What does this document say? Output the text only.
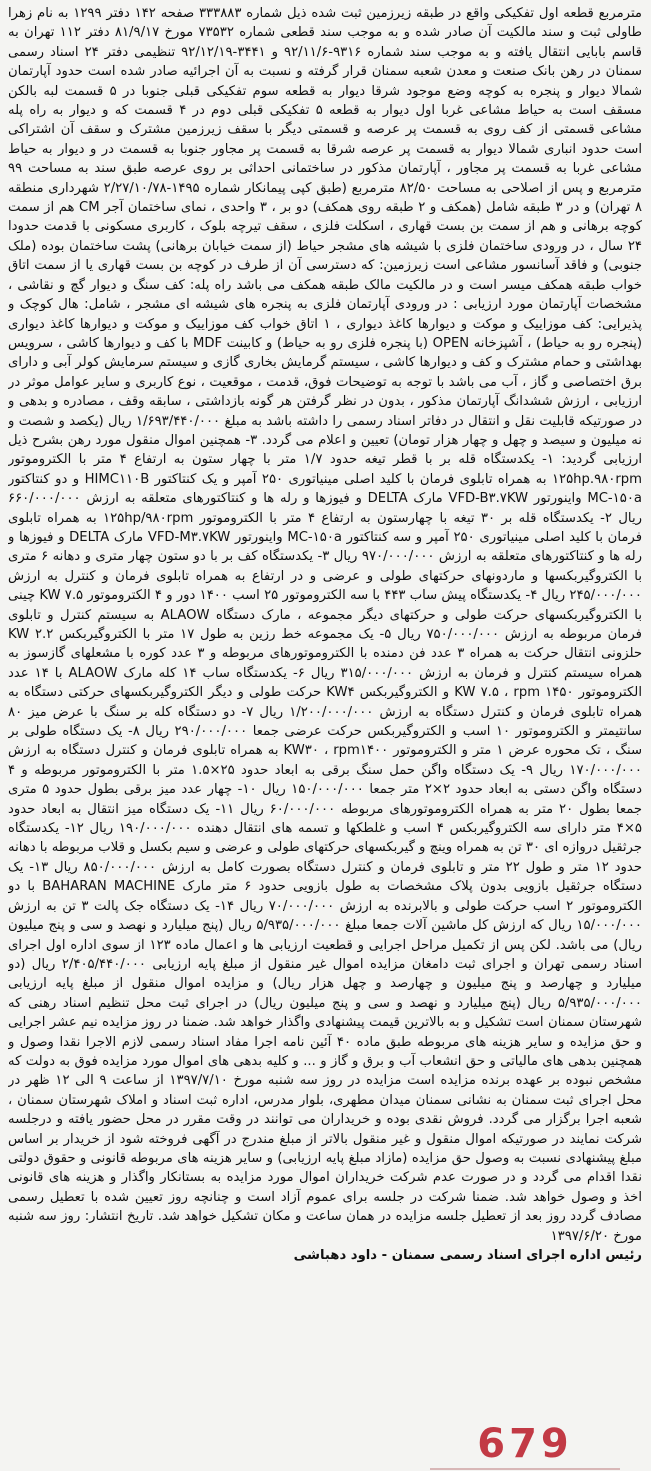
مترمربع قطعه اول تفکیکی واقع در طبقه زیرزمین ثبت شده ذیل شماره ۳۳۳۸۸۳ صفحه ۱۴۲ دفتر ۱۲۹۹ به نام زهرا طاولی ثبت و سند مالکیت آن صادر شده و به موجب سند قطعی شماره ۷۳۵۳۲ مورخ ۸۱/۹/۱۷ دفتر ۱۱۲ تهران به قاسم بابایی انتقال یافته و به موجب سند شماره ۹۳۱۶-۹۲/۱۱/۶ و ۳۴۴۱-۹۲/۱۲/۱۹ تنظیمی دفتر ۲۴ اسناد رسمی سمنان در رهن بانک صنعت و معدن شعبه سمنان قرار گرفته و نسبت به آن اجرائیه صادر شده است حدود آپارتمان شمالا دیوار و پنجره به کوچه وضع موجود شرقا دیوار به قطعه سوم تفکیکی قبلی جنوبا در ۵ قسمت لبه بالکن مسقف است به حیاط مشاعی غربا اول دیوار به قطعه ۵ تفکیکی قبلی دوم در ۴ قسمت که و دیوار به راه پله مشاعی قسمتی از کف روی به قسمت پر عرصه و قسمتی دیگر با سقف زیرزمین مشترک و سقف آن اشتراکی است حدود انباری شمالا دیوار به قسمت پر عرصه شرقا به قسمت پر مجاور جنوبا به قسمت در و دیوار به حیاط مشاعی غربا به قسمت پر مجاور ، آپارتمان مذکور در ساختمانی احداثی بر روی عرصه طبق سند به مساحت ۹۹ مترمربع و پس از اصلاحی به مساحت ۸۲/۵۰ مترمربع (طبق کپی پیمانکار شماره ۱۴۹۵-۲/۲۷/۱۰/۷۸ شهرداری منطقه ۸ تهران) و در ۳ طبقه شامل (همکف و ۲ طبقه روی همکف) دو بر ، ۳ واحدی ، نمای ساختمان آجر CM هم از سمت کوچه برهانی و هم از سمت بن بست قهاری ، اسکلت فلزی ، سقف تیرچه بلوک ، کاربری مسکونی با قدمت حدودا ۲۴ سال ، در ورودی ساختمان فلزی با شیشه های مشجر حیاط (از سمت خیابان برهانی) پشت ساختمان بوده (ملک جنوبی) و فاقد آسانسور مشاعی است زیرزمین: که دسترسی آن از طرف در کوچه بن بست قهاری یا از سمت اتاق خواب طبقه همکف میسر است و در مالکیت مالک طبقه همکف می باشد راه پله: کف سنگ و دیوار گچ و نقاشی ، مشخصات آپارتمان مورد ارزیابی : در ورودی آپارتمان فلزی به پنجره های شیشه ای مشجر ، شامل: هال کوچک و پذیرایی: کف موزاییک و موکت و دیوارها کاغذ دیواری ، ۱ اتاق خواب کف موزاییک و موکت و دیوارها کاغذ دیواری (پنجره رو به حیاط) ، آشپزخانه OPEN (با پنجره فلزی رو به حیاط) و کابینت MDF با کف و دیوارها کاشی ، سرویس بهداشتی و حمام مشترک و کف و دیوارها کاشی ، سیستم گرمایش بخاری گازی و سیستم سرمایش کولر آبی و دارای برق اختصاصی و گاز ، آب می باشد با توجه به توضیحات فوق، قدمت ، موقعیت ، نوع کاربری و سایر عوامل موثر در ارزیابی ، ارزش ششدانگ آپارتمان مذکور ، بدون در نظر گرفتن هر گونه بازداشتی ، سابقه وقف ، مصادره و بدهی و در صورتیکه قابلیت نقل و انتقال در دفاتر اسناد رسمی را داشته باشد به مبلغ ۱/۶۹۳/۴۴۰/۰۰۰ ریال (یکصد و شصت و نه میلیون و سیصد و چهل و چهار هزار تومان) تعیین و اعلام می گردد. ۳- همچنین اموال منقول مورد رهن بشرح ذیل ارزیابی گردید: ۱- یکدستگاه قله بر با قطر تیغه حدود ۱/۷ متر با چهار ستون به ارتفاع ۴ متر با الکتروموتور ۱۲۵hp.۹۸۰rpm به همراه تابلوی فرمان با کلید اصلی مینیاتوری ۲۵۰ آمپر و یک کنتاکتور HIMC۱۱۰B و دو کنتاکتور MC-۱۵۰a واینورتور VFD-B۳.۷KW مارک DELTA و فیوزها و رله ها و کنتاکتورهای متعلقه به ارزش ۶۶۰/۰۰۰/۰۰۰ ریال ۲- یکدستگاه قله بر ۳۰ تیغه با چهارستون به ارتفاع ۴ متر با الکتروموتور ۱۲۵hp/۹۸۰rpm به همراه تابلوی فرمان با کلید اصلی مینیاتوری ۲۵۰ آمپر و سه کنتاکتور MC-۱۵۰a واینورتور VFD-M۳.۷KW مارک DELTA و فیوزها و رله ها و کنتاکتورهای متعلقه به ارزش ۹۷۰/۰۰۰/۰۰۰ ریال ۳- یکدستگاه کف بر با دو ستون چهار متری و دهانه ۶ متری با الکتروگیربکسها و ماردونهای حرکتهای طولی و عرضی و در ارتفاع به همراه تابلوی فرمان و کنترل به ارزش ۲۴۵/۰۰۰/۰۰۰ ریال ۴- یکدستگاه پیش ساب ۴۴۳ با سه الکتروموتور ۲۵ اسب ۱۴۰۰ دور و ۴ الکتروموتور KW ۷.۵ چینی با الکتروگیربکسهای حرکت طولی و حرکتهای دیگر مجموعه ، مارک دستگاه ALAOW به سیستم کنترل و تابلوی فرمان مربوطه به ارزش ۷۵۰/۰۰۰/۰۰۰ ریال ۵- یک مجموعه خط رزین به طول ۱۷ متر با الکتروگیربکس KW ۲.۲ حلزونی انتقال حرکت به همراه ۳ عدد فن دمنده با الکتروموتورهای مربوطه و ۳ عدد کوره با مشعلهای گازسوز به همراه سیستم کنترل و فرمان به ارزش ۳۱۵/۰۰۰/۰۰۰ ریال ۶- یکدستگاه ساب ۱۴ کله مارک ALAOW با ۱۴ عدد الکتروموتور KW ۷.۵ ، rpm ۱۴۵۰ و الکتروگیربکس KW۴ حرکت طولی و دیگر الکتروگیربکسهای حرکتی دستگاه به همراه تابلوی فرمان و کنترل دستگاه به ارزش ۱/۲۰۰/۰۰۰/۰۰۰ ریال ۷- دو دستگاه کله بر سنگ با عرض میز ۸۰ سانتیمتر و الکتروموتور ۱۰ اسب و الکتروگیربکس حرکت عرضی جمعا ۲۹۰/۰۰۰/۰۰۰ ریال ۸- یک دستگاه طولی بر سنگ ، تک محوره عرض ۱ متر و الکتروموتور KW۳۰ ، rpm۱۴۰۰ به همراه تابلوی فرمان و کنترل دستگاه به ارزش ۱۷۰/۰۰۰/۰۰۰ ریال ۹- یک دستگاه واگن حمل سنگ برقی به ابعاد حدود ۲۵×۱.۵ متر با الکتروموتور مربوطه و ۴ دستگاه واگن دستی به ابعاد حدود ۲×۲ متر جمعا ۱۵۰/۰۰۰/۰۰۰ ریال ۱۰- چهار عدد میز برقی بطول حدود ۵ متری جمعا بطول ۲۰ متر به همراه الکتروموتورهای مربوطه ۶۰/۰۰۰/۰۰۰ ریال ۱۱- یک دستگاه میز انتقال به ابعاد حدود ۵×۴ متر دارای سه الکتروگیربکس ۴ اسب و غلطکها و تسمه های انتقال دهنده ۱۹۰/۰۰۰/۰۰۰ ریال ۱۲- یکدستگاه جرثقیل دروازه ای ۳۰ تن به همراه وینچ و گیربکسهای حرکتهای طولی و عرضی و سیم بکسل و قلاب مربوطه با دهانه حدود ۱۲ متر و طول ۲۲ متر و تابلوی فرمان و کنترل دستگاه بصورت کامل به ارزش ۸۵۰/۰۰۰/۰۰۰ ریال ۱۳- یک دستگاه جرثقیل بازویی بدون پلاک مشخصات به طول بازویی حدود ۶ متر مارک BAHARAN MACHINE با دو الکتروموتور ۲ اسب حرکت طولی و بالابرنده به ارزش ۷۰/۰۰۰/۰۰۰ ریال ۱۴- یک دستگاه جک پالت ۳ تن به ارزش ۱۵/۰۰۰/۰۰۰ ریال که ارزش کل ماشین آلات جمعا مبلغ ۵/۹۳۵/۰۰۰/۰۰۰ ریال (پنج میلیارد و نهصد و سی و پنج میلیون ریال) می باشد. لکن پس از تکمیل مراحل اجرایی و قطعیت ارزیابی ها و اعمال ماده ۱۲۳ از سوی اداره اول اجرای اسناد رسمی تهران و اجرای ثبت دامغان مزایده اموال غیر منقول از مبلغ پایه ارزیابی ۲/۴۰۵/۴۴۰/۰۰۰ ریال (دو میلیارد و چهارصد و پنج میلیون و چهارصد و چهل هزار ریال) و مزایده اموال منقول از مبلغ پایه ارزیابی ۵/۹۳۵/۰۰۰/۰۰۰ ریال (پنج میلیارد و نهصد و سی و پنج میلیون ریال) در اجرای ثبت محل تنظیم اسناد رهنی که شهرستان سمنان است تشکیل و به بالاترین قیمت پیشنهادی واگذار خواهد شد. ضمنا در روز مزایده نیم عشر اجرایی و حق مزایده و سایر هزینه های مربوطه طبق ماده ۴۰ آئین نامه اجرا مفاد اسناد رسمی لازم الاجرا نقدا وصول و همچنین بدهی های مالیاتی و حق انشعاب آب و برق و گاز و ... و کلیه بدهی های اموال مورد مزایده فوق به دولت که مشخص نبوده بر عهده برنده مزایده است مزایده در روز سه شنبه مورخ ۱۳۹۷/۷/۱۰ از ساعت ۹ الی ۱۲ ظهر در محل اجرای ثبت سمنان به نشانی سمنان میدان مطهری، بلوار مدرس، اداره ثبت اسناد و املاک شهرستان سمنان ، شعبه اجرا برگزار می گردد. فروش نقدی بوده و خریداران می توانند در وقت مقرر در محل حضور یافته و درجلسه شرکت نمایند در صورتیکه اموال منقول و غیر منقول بالاتر از مبلغ مندرج در آگهی فروخته شود از خریدار بر اساس مبلغ پیشنهادی نسبت به وصول حق مزایده (مازاد مبلغ پایه ارزیابی) و سایر هزینه های مربوطه قانونی و حقوق دولتی نقدا اقدام می گردد و در صورت عدم شرکت خریداران اموال مورد مزایده به بستانکار واگذار و هزینه های قانونی اخذ و وصول خواهد شد. ضمنا شرکت در جلسه برای عموم آزاد است و چنانچه روز تعیین شده با تعطیل رسمی مصادف گردد روز بعد از تعطیل جلسه مزایده در همان ساعت و مکان تشکیل خواهد شد. تاریخ انتشار: روز سه شنبه مورخ ۱۳۹۷/۶/۲۰

رئیس اداره اجرای اسناد رسمی سمنان - داود دهباشی

679
